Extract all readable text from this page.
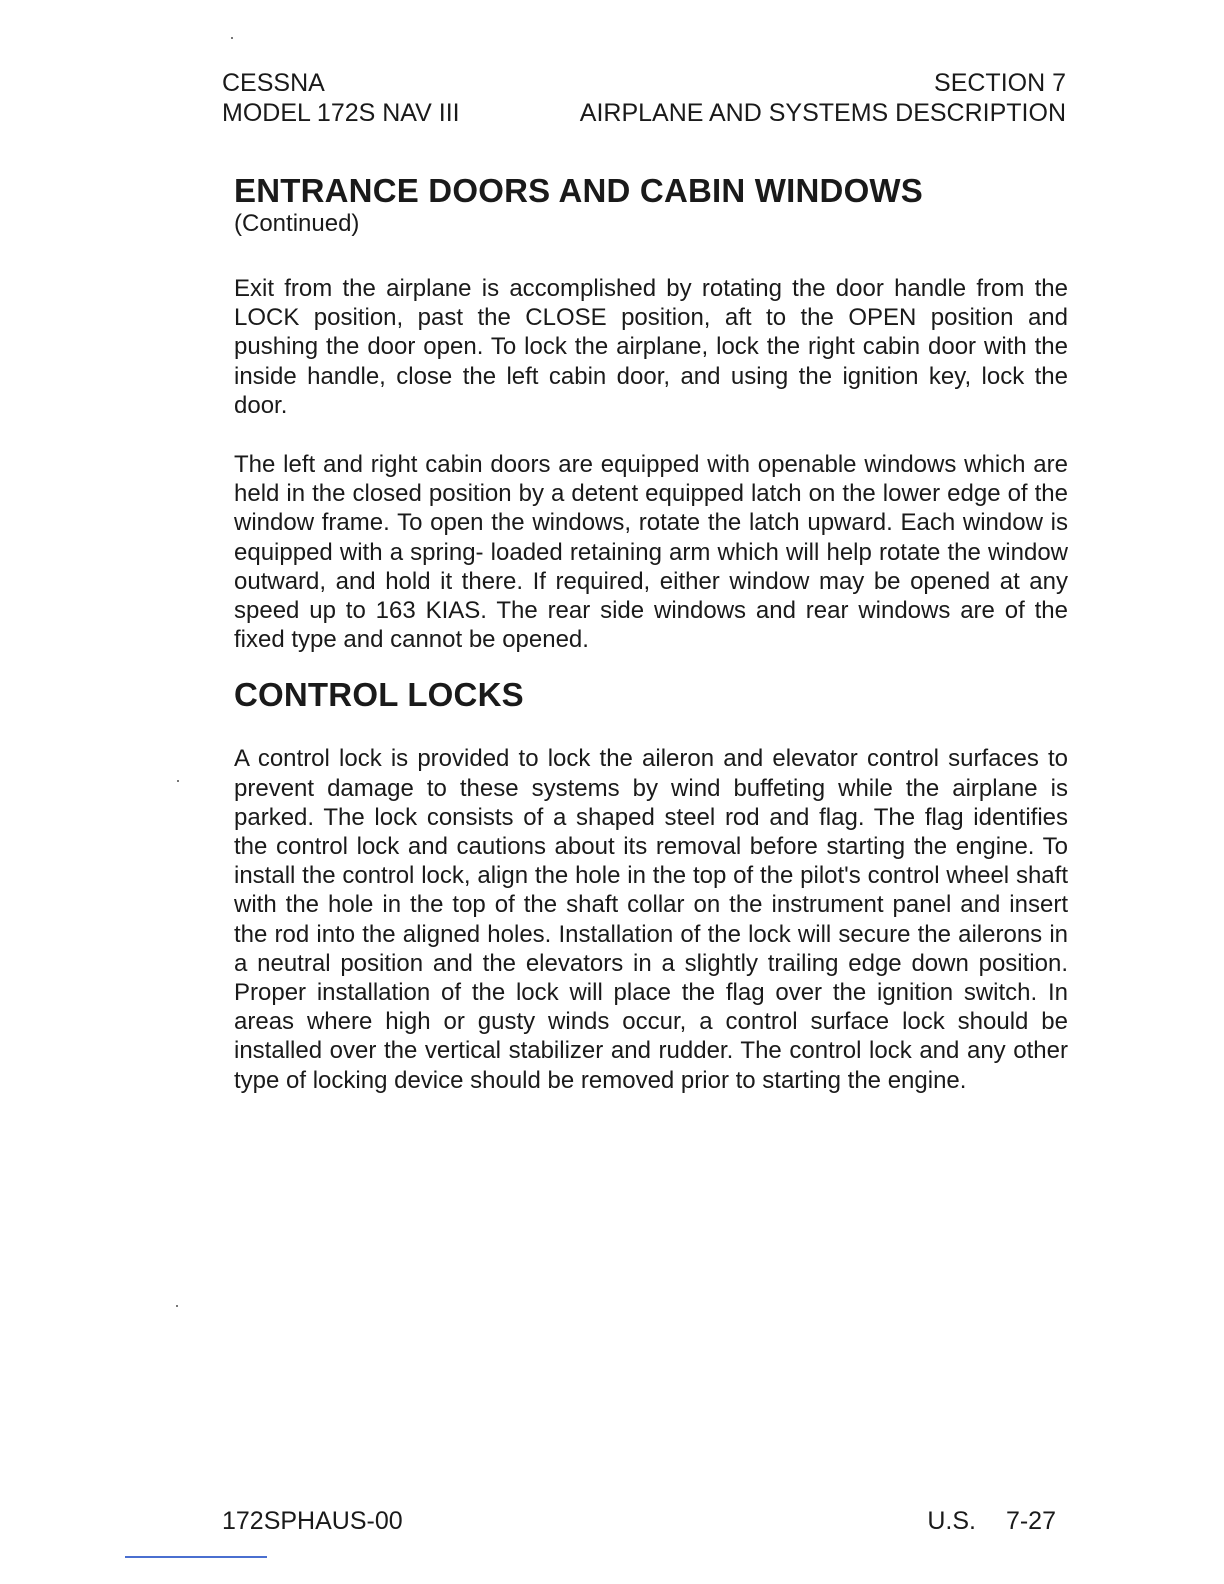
CESSNA	SECTION 7
MODEL 172S NAV III	AIRPLANE AND SYSTEMS DESCRIPTION
ENTRANCE DOORS AND CABIN WINDOWS

(Continued)

Exit from the airplane is accomplished by rotating the door handle from the LOCK position, past the CLOSE position, aft to the OPEN position and pushing the door open. To lock the airplane, lock the right cabin door with the inside handle, close the left cabin door, and using the ignition key, lock the door.

The left and right cabin doors are equipped with openable windows which are held in the closed position by a detent equipped latch on the lower edge of the window frame. To open the windows, rotate the latch upward. Each window is equipped with a spring- loaded retaining arm which will help rotate the window outward, and hold it there. If required, either window may be opened at any speed up to 163 KIAS. The rear side windows and rear windows are of the fixed type and cannot be opened.

CONTROL LOCKS

A control lock is provided to lock the aileron and elevator control surfaces to prevent damage to these systems by wind buffeting while the airplane is parked. The lock consists of a shaped steel rod and flag. The flag identifies the control lock and cautions about its removal before starting the engine. To install the control lock, align the hole in the top of the pilot's control wheel shaft with the hole in the top of the shaft collar on the instrument panel and insert the rod into the aligned holes. Installation of the lock will secure the ailerons in a neutral position and the elevators in a slightly trailing edge down position. Proper installation of the lock will place the flag over the ignition switch. In areas where high or gusty winds occur, a control surface lock should be installed over the vertical stabilizer and rudder. The control lock and any other type of locking device should be removed prior to starting the engine.

172SPHAUS-00	U.S. 7-27
